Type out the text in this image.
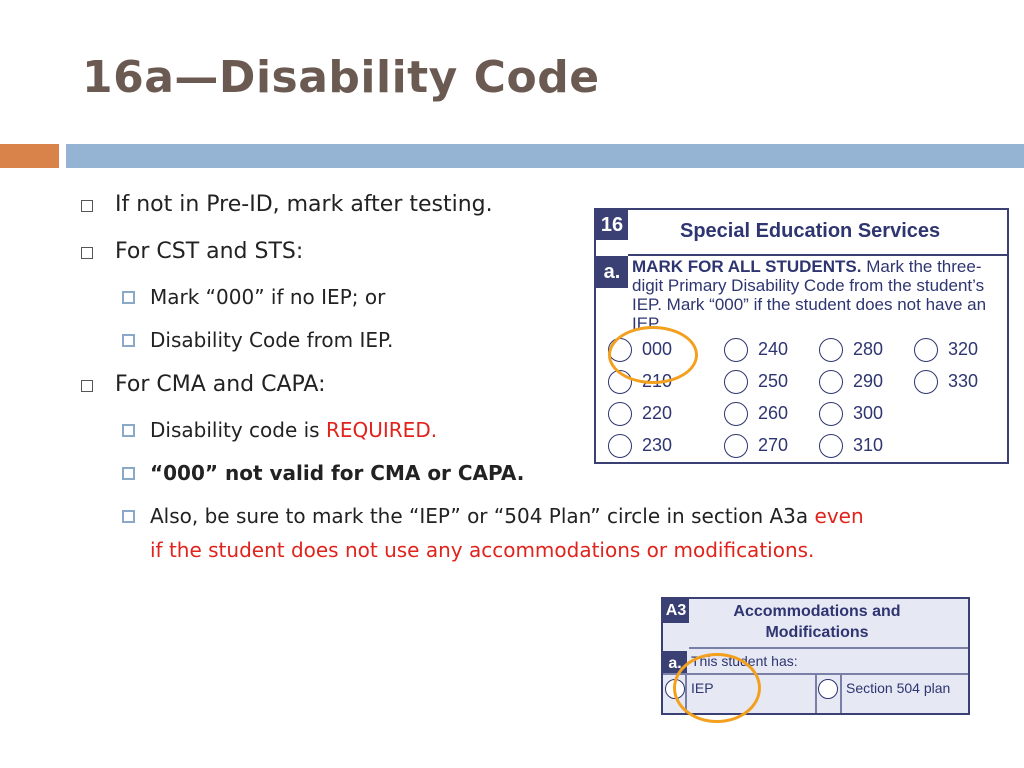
16a—Disability Code
If not in Pre-ID, mark after testing.
For CST and STS:
Mark “000” if no IEP; or
Disability Code from IEP.
For CMA and CAPA:
Disability code is REQUIRED.
“000” not valid for CMA or CAPA.
Also, be sure to mark the “IEP” or “504 Plan” circle in section A3a even
if the student does not use any accommodations or modifications.
16	Special Education Services
a. MARK FOR ALL STUDENTS. Mark the three-digit Primary Disability Code from the student’s IEP. Mark “000” if the student does not have an IEP.
000	240	280	320
210	250	290	330
220	260	300
230	270	310
A3	Accommodations and Modifications
a. This student has:
IEP	Section 504 plan
